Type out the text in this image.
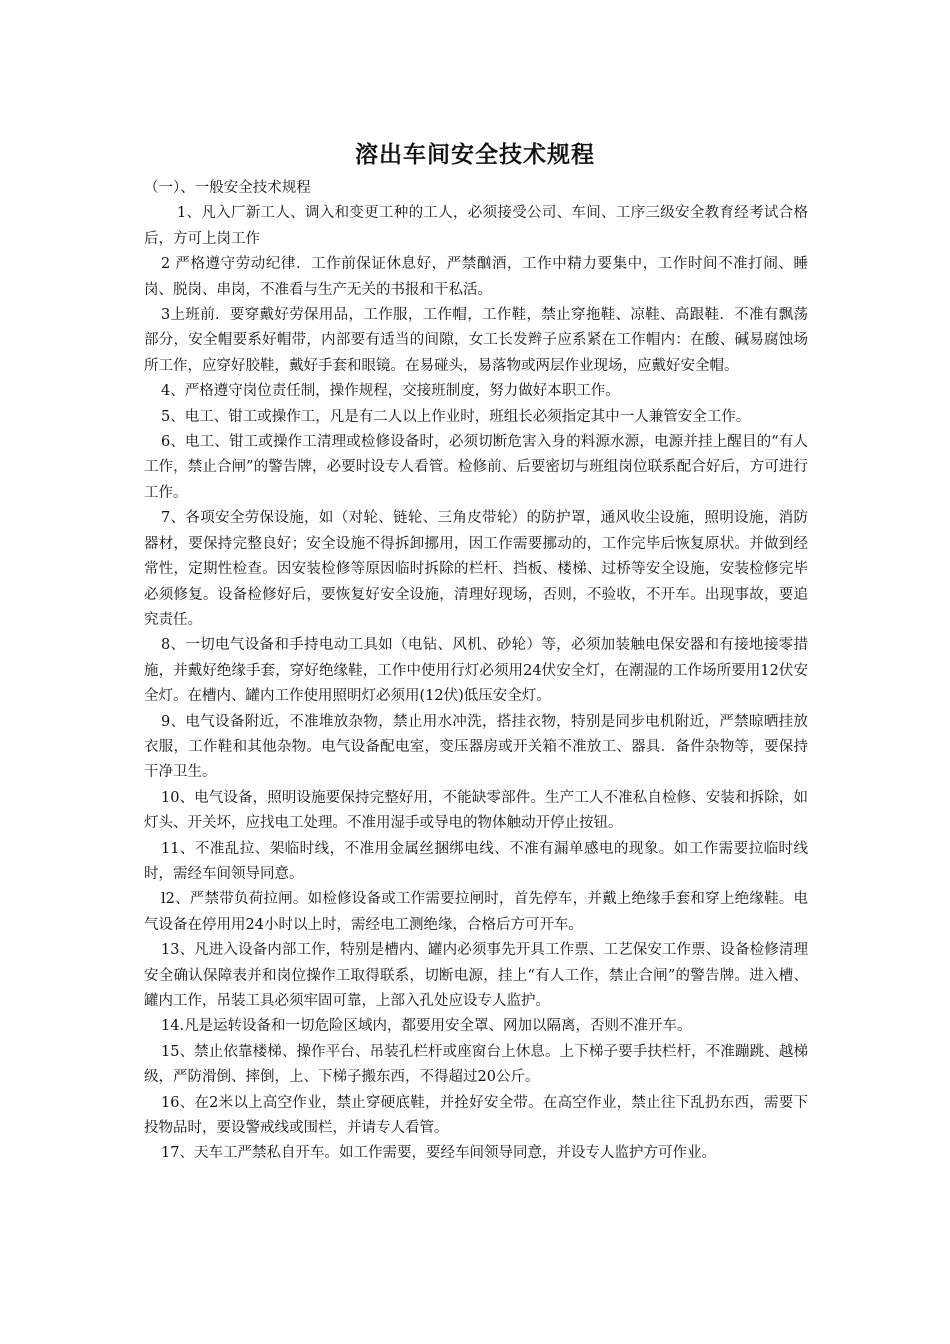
溶出车间安全技术规程

（一）、一般安全技术规程

1、凡入厂新工人、调入和变更工种的工人，必须接受公司、车间、工序三级安全教育经考试合格后，方可上岗工作

2 严格遵守劳动纪律．工作前保证休息好，严禁酗酒，工作中精力要集中，工作时间不准打闹、睡岗、脱岗、串岗，不准看与生产无关的书报和干私活。

3上班前．要穿戴好劳保用品，工作服，工作帽，工作鞋，禁止穿拖鞋、凉鞋、高跟鞋．不准有飘荡部分，安全帽要系好帽带，内部要有适当的间隙，女工长发辫子应系紧在工作帽内：在酸、碱易腐蚀场所工作，应穿好胶鞋，戴好手套和眼镜。在易碰头，易落物或两层作业现场，应戴好安全帽。

4、严格遵守岗位责任制，操作规程，交接班制度，努力做好本职工作。

5、电工、钳工或操作工，凡是有二人以上作业时，班组长必须指定其中一人兼管安全工作。

6、电工、钳工或操作工清理或检修设备时，必须切断危害入身的料源水源，电源并挂上醒目的“有人工作，禁止合闸”的警告牌，必要时设专人看管。检修前、后要密切与班组岗位联系配合好后，方可进行工作。

7、各项安全劳保设施，如（对轮、链轮、三角皮带轮）的防护罩，通风收尘设施，照明设施，消防器材，要保持完整良好；安全设施不得拆卸挪用，因工作需要挪动的，工作完毕后恢复原状。并做到经常性，定期性检查。因安装检修等原因临时拆除的栏杆、挡板、楼梯、过桥等安全设施，安装检修完毕必须修复。设备检修好后，要恢复好安全设施，清理好现场，否则，不验收，不开车。出现事故，要追究责任。

8、一切电气设备和手持电动工具如（电钻、风机、砂轮）等，必须加装触电保安器和有接地接零措施，并戴好绝缘手套，穿好绝缘鞋，工作中使用行灯必须用24伏安全灯，在潮湿的工作场所要用12伏安全灯。在槽内、罐内工作使用照明灯必须用(12伏)低压安全灯。

9、电气设备附近，不准堆放杂物，禁止用水冲洗，搭挂衣物，特别是同步电机附近，严禁晾晒挂放衣服，工作鞋和其他杂物。电气设备配电室，变压器房或开关箱不准放工、器具．备件杂物等，要保持干净卫生。

10、电气设备，照明设施要保持完整好用，不能缺零部件。生产工人不准私自检修、安装和拆除，如灯头、开关坏，应找电工处理。不准用湿手或导电的物体触动开停止按钮。

11、不准乱拉、架临时线，不准用金属丝捆绑电线、不准有漏单感电的现象。如工作需要拉临时线时，需经车间领导同意。

l2、严禁带负荷拉闸。如检修设备或工作需要拉闸时，首先停车，并戴上绝缘手套和穿上绝缘鞋。电气设备在停用用24小时以上时，需经电工测绝缘，合格后方可开车。

13、凡进入设备内部工作，特别是槽内、罐内必须事先开具工作票、工艺保安工作票、设备检修清理安全确认保障表并和岗位操作工取得联系，切断电源，挂上“有人工作，禁止合闸”的警告牌。进入槽、罐内工作，吊装工具必须牢固可靠，上部入孔处应设专人监护。

14.凡是运转设备和一切危险区域内，都要用安全罩、网加以隔离，否则不准开车。

15、禁止依靠楼梯、操作平台、吊装孔栏杆或座窗台上休息。上下梯子要手扶栏杆，不准蹦跳、越梯级，严防滑倒、摔倒，上、下梯子搬东西，不得超过20公斤。

16、在2米以上高空作业，禁止穿硬底鞋，并拴好安全带。在高空作业，禁止往下乱扔东西，需要下投物品时，要设警戒线或围栏，并请专人看管。

17、天车工严禁私自开车。如工作需要，要经车间领导同意，并设专人监护方可作业。
